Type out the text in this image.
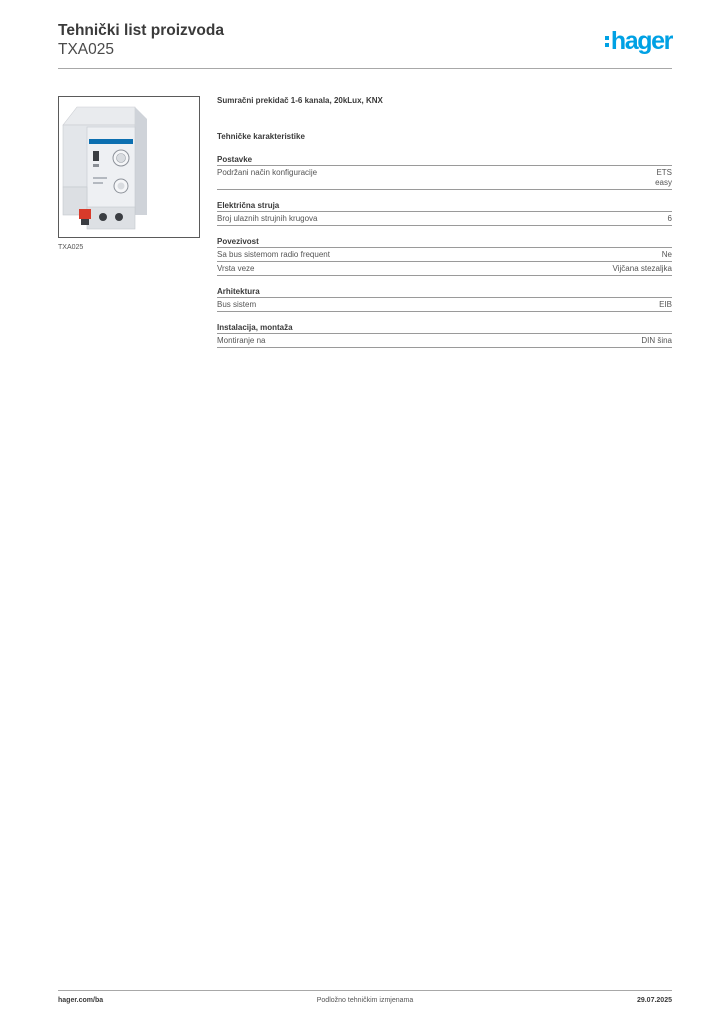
Tehnički list proizvoda
TXA025	hager
TXA025
Sumračni prekidač 1-6 kanala, 20kLux, KNX
Tehničke karakteristike
Postavke
Podržani način konfiguracije	ETS
easy
Električna struja
Broj ulaznih strujnih krugova	6
Povezivost
Sa bus sistemom radio frequent	Ne
Vrsta veze	Vijčana stezaljka
Arhitektura
Bus sistem	EIB
Instalacija, montaža
Montiranje na	DIN šina
hager.com/ba	Podložno tehničkim izmjenama	29.07.2025
